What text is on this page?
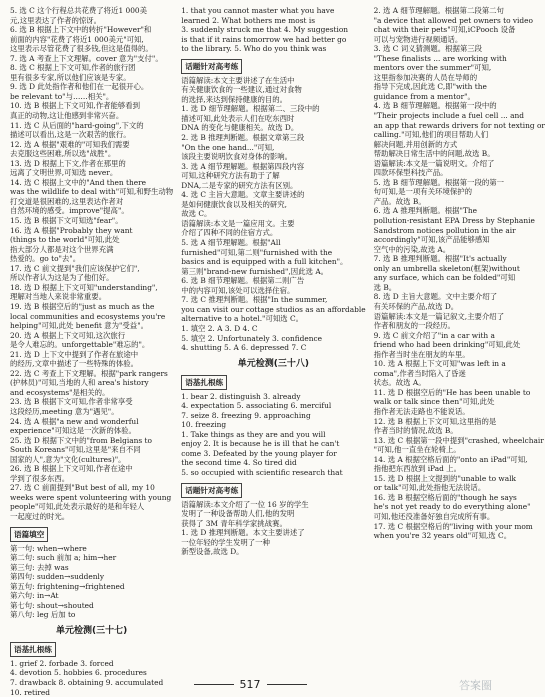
5. 选 C 这个行程总共花费了将近1 000美
元,这里表达了作者的惊讶。
6. 选 B 根据上下文中的转折"However"和
前面的内容"花费了将近1 000美元"可知,
这里表示尽管花费了很多钱,但这是值得的。
7. 选 A 考查上下文理解。cover 意为"支付"。
8. 选 C 根据上下文可知,作者的旅行团
里有很多专家,所以他们应该是专家。
9. 选 D 此处指作者和他们在一起很开心。
be relevant to"与……相关"。
10. 选 B 根据上下文可知,作者能够看到
真正的动物,这让他感到非常兴奋。
11. 选 C 从后面的"hard-going",下文的
描述可以看出,这是一次艰苦的旅行。
12. 选 A 根据"艰难的"可知我们需要
去克服这些困难,所以选"战胜"。
13. 选 D 根据上下文,作者在那里的
远离了文明世界,可知选 never。
14. 选 C 根据上文中的"And then there
was the wildlife to deal with"可知,和野生动物
打交道是很困难的,这里表达作者对
自然环境的感受。improve"提高"。
15. 选 B 根据下文可知选"fear"。
16. 选 A 根据"Probably they want
(things to the world"可知,此处
指大部分人都是对这个世界充满
热爱的。go to"去"。
17. 选 C 前文提到"我们应该保护它们",
所以作者认为这是为了他们好。
18. 选 D 根据上下文可知"understanding",
理解对当地人来说非常重要。
19. 选 B 根据空后的"just as much as the
local communities and ecosystems you're
helping"可知,此处 benefit 意为"受益"。
20. 选 A 根据上下文可知,这次旅行
是令人难忘的。unforgettable"难忘的"。
21. 选 D 上下文中提到了作者在旅途中
的经历,文章中描述了一些特殊的体验。
22. 选 C 考查上下文理解。根据"park rangers
(护林员)"可知,当地的人和 area's history
and ecosystems"是相关的。
23. 选 B 根据下文可知,作者非常享受
这段经历,meeting 意为"遇见"。
24. 选 A 根据"a new and wonderful
experience"可知这是一次新的体验。
25. 选 D 根据下文中的"from Belgians to
South Koreans"可知,这里是"来自不同
国家的人",意为"文化(cultures)"。
26. 选 B 根据上下文可知,作者在途中
学到了很多东西。
27. 选 C 前面提到"But best of all, my 10
weeks were spent volunteering with young
people"可知,此处表示最好的是和年轻人
一起度过的时光。
语篇填空
第一句: when→where
第二句: such 前加 a; him→her
第三句: 去掉 was
第四句: sudden→suddenly
第五句: frightening→frightened
第六句: in→At
第七句: shout→shouted
第八句: leg 后加 to
单元检测(三十七)
语基扎根练
1. grief 2. forbade 3. forced
4. devotion 5. hobbies 6. procedures
7. drawback 8. obtaining 9. accumulated
10. retired
1. that you cannot master what you have
learned 2. What bothers me most is
3. suddenly struck me that 4. My suggestion
is that if it rains tomorrow we had better go
to the library. 5. Who do you think was
话题针对高考练
语篇解读:本文主要讲述了在生活中
有关健康饮食的一些建议,通过对食物
的选择,来达到保持健康的目的。
1. 选 D 细节理解题。根据第二、三段中的
描述可知,此处表示人们在吃东西时
DNA 的变化与健康相关。故选 D。
2. 选 B 推理判断题。根据文章第三段
"On the one hand..."可知,
该段主要说明饮食对身体的影响。
3. 选 A 细节理解题。根据第四段内容
可知,这种研究方法有助于了解
DNA,二是专家的研究方法有区别。
4. 选 C 主旨大意题。文章主要讲述的
是如何健康饮食以及相关的研究,
故选 C。
语篇解读:本文是一篇应用文。主要
介绍了四种不同的住宿方式。
5. 选 A 细节理解题。根据"All
furnished"可知,第二则"furnished with the
basics and is equipped with a full kitchen"。
第三则"brand-new furnished",因此选 A。
6. 选 B 细节理解题。根据第二则广告
中的内容可知,该处可以选择住宿。
7. 选 C 推理判断题。根据"In the summer,
you can visit our cottage studios as an affordable
alternative to a hotel."可知选 C。
1. 填空 2. A 3. D 4. C
5. 填空 2. Unfortunately 3. confidence
4. shutting 5. A 6. depressed 7. C
单元检测(三十八)
语基扎根练
1. bear 2. distinguish 3. already
4. expectation 5. associating 6. merciful
7. seize 8. freezing 9. approaching
10. freezing
1. Take things as they are and you will
enjoy 2. It is because he is ill that he can't
come 3. Defeated by the young player for
the second time 4. So tired did
5. so occupied with scientific research that
话题针对高考练
语篇解读:本文介绍了一位 16 岁的学生
发明了一种设备帮助人们,他的发明
获得了 3M 青年科学家挑战赛。
1. 选 D 推理判断题。本文主要讲述了
一位年轻的学生发明了一种
新型设备,故选 D。
2. 选 A 细节理解题。根据第二段第二句
"a device that allowed pet owners to video
chat with their pets"可知,iCPooch 设备
可以与宠物进行视频通话。
3. 选 C 词义猜测题。根据第三段
"These finalists ... are working with
mentors over the summer"可知,
这里指参加决赛的人员在导师的
指导下完成,因此选 C,即"with the
guidance from a mentor"。
4. 选 B 细节理解题。根据第一段中的
"Their projects include a fuel cell ... and
an app that rewards drivers for not texting or
calling."可知,他们的项目帮助人们
解决问题,并用创新的方式
帮助解决日常生活中的问题,故选 B。
语篇解读:本文是一篇说明文。介绍了
四款环保型科技产品。
5. 选 B 细节理解题。根据第一段的第一
句可知,是一项有关环境保护的
产品。故选 B。
6. 选 A 推理判断题。根据"The
pollution-resistant EPA Dress by Stephanie
Sandstrom notices pollution in the air
accordingly"可知,该产品能够感知
空气中的污染,故选 A。
7. 选 B 推理判断题。根据"It's actually
only an umbrella skeleton(框架)without
any surface, which can be folded"可知
选 B。
8. 选 D 主旨大意题。文中主要介绍了
有关环保的产品,故选 D。
语篇解读:本文是一篇记叙文,主要介绍了
作者和朋友的一段经历。
9. 选 C 前文介绍了"in a car with a
friend who had been drinking"可知,此处
指作者当时坐在朋友的车里。
10. 选 A 根据上下文可知"was left in a
coma",作者当时陷入了昏迷
状态。故选 A。
11. 选 D 根据空后的"He has been unable to
walk or talk since then"可知,此处
指作者无法走路也不能说话。
12. 选 B 根据上下文可知,这里指的是
作者当时的情况,故选 B。
13. 选 C 根据第一段中提到"crashed, wheelchair
"可知,他一直坐在轮椅上。
14. 选 A 根据空格后面的"onto an iPad"可知,
指他把东西放到 iPad 上。
15. 选 D 根据上文提到的"unable to walk
or talk"可知,此处指他无法说话。
16. 选 B 根据空格后面的"though he says
he's not yet ready to do everything alone"
可知,他还没准备好独自完成所有事。
17. 选 C 根据空格后的"living with your mom
when you're 32 years old"可知,选 C。
517	答案圈
